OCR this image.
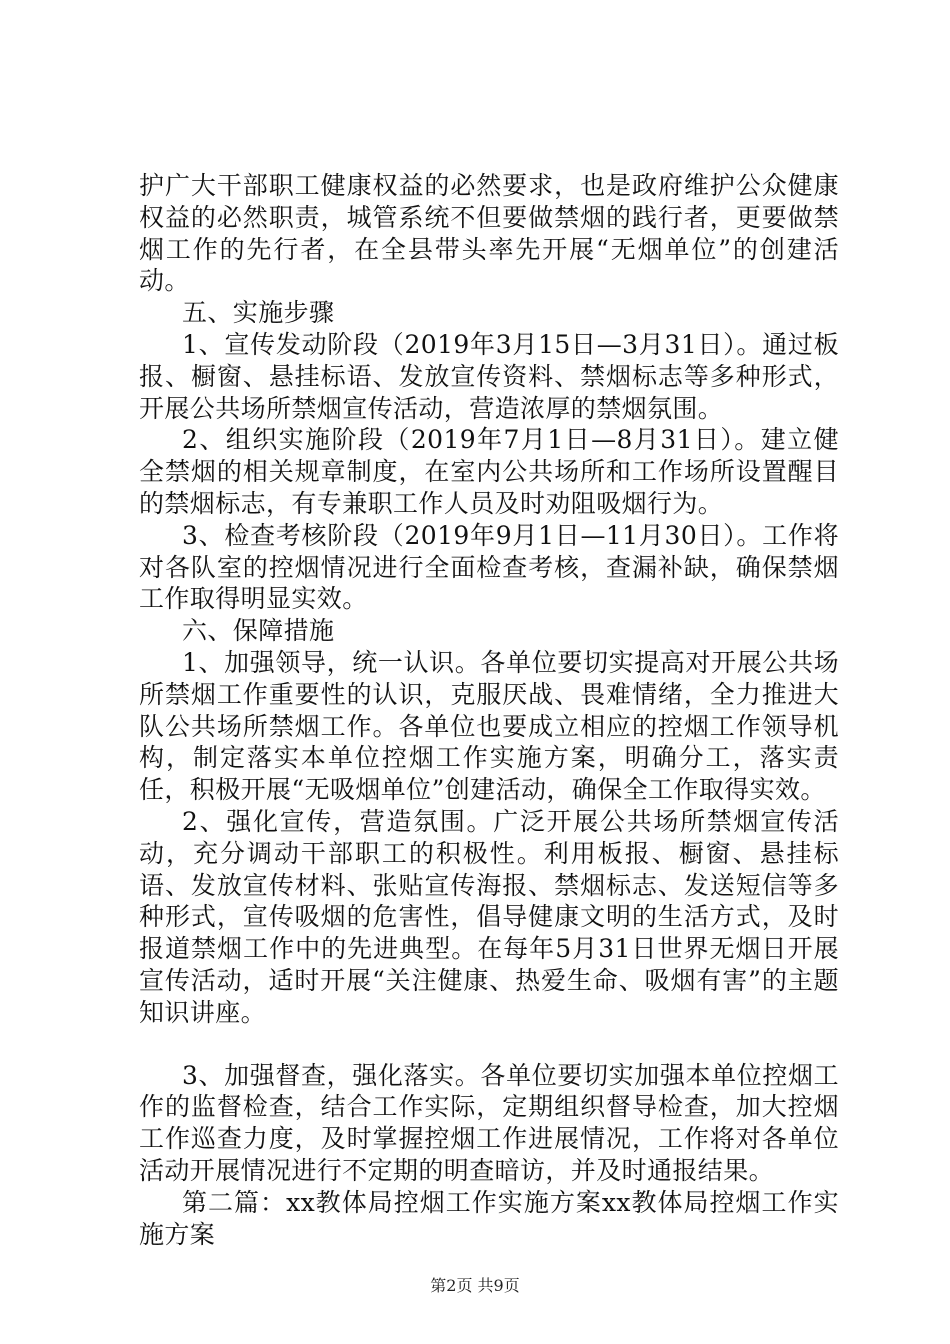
护广大干部职工健康权益的必然要求，也是政府维护公众健康权益的必然职责，城管系统不但要做禁烟的践行者，更要做禁烟工作的先行者，在全县带头率先开展“无烟单位”的创建活动。

五、实施步骤

1、宣传发动阶段（2019年3月15日—3月31日）。通过板报、橱窗、悬挂标语、发放宣传资料、禁烟标志等多种形式，开展公共场所禁烟宣传活动，营造浓厚的禁烟氛围。

2、组织实施阶段（2019年7月1日—8月31日）。建立健全禁烟的相关规章制度，在室内公共场所和工作场所设置醒目的禁烟标志，有专兼职工作人员及时劝阻吸烟行为。

3、检查考核阶段（2019年9月1日—11月30日）。工作将对各队室的控烟情况进行全面检查考核，查漏补缺，确保禁烟工作取得明显实效。

六、保障措施

1、加强领导，统一认识。各单位要切实提高对开展公共场所禁烟工作重要性的认识，克服厌战、畏难情绪，全力推进大队公共场所禁烟工作。各单位也要成立相应的控烟工作领导机构，制定落实本单位控烟工作实施方案，明确分工，落实责任，积极开展“无吸烟单位”创建活动，确保全工作取得实效。

2、强化宣传，营造氛围。广泛开展公共场所禁烟宣传活动，充分调动干部职工的积极性。利用板报、橱窗、悬挂标语、发放宣传材料、张贴宣传海报、禁烟标志、发送短信等多种形式，宣传吸烟的危害性，倡导健康文明的生活方式，及时报道禁烟工作中的先进典型。在每年5月31日世界无烟日开展宣传活动，适时开展“关注健康、热爱生命、吸烟有害”的主题知识讲座。

3、加强督查，强化落实。各单位要切实加强本单位控烟工作的监督检查，结合工作实际，定期组织督导检查，加大控烟工作巡查力度，及时掌握控烟工作进展情况，工作将对各单位活动开展情况进行不定期的明查暗访，并及时通报结果。

第二篇：xx教体局控烟工作实施方案xx教体局控烟工作实施方案

第2页 共9页
